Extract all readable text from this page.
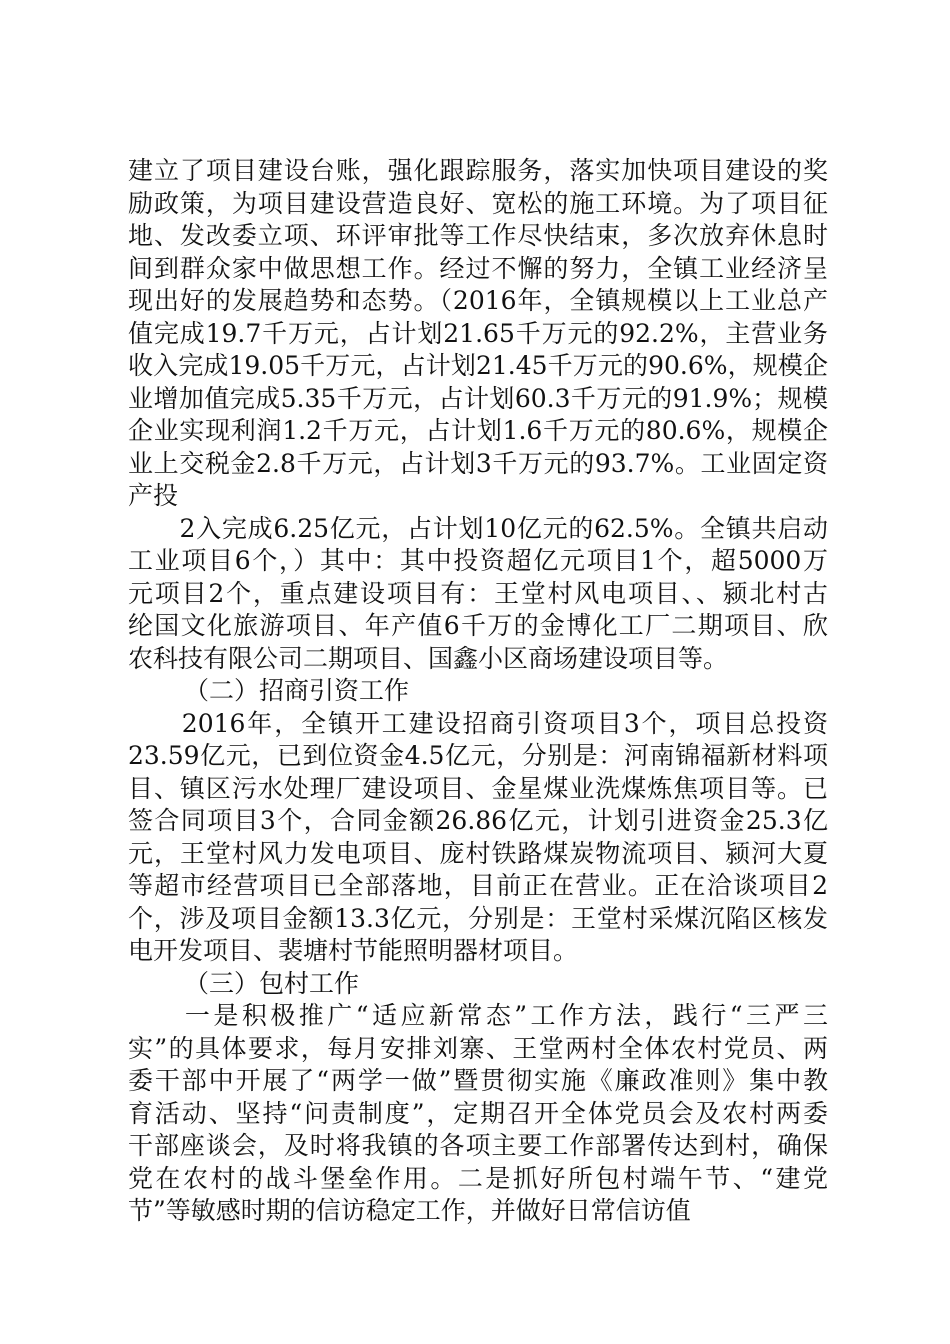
建立了项目建设台账，强化跟踪服务，落实加快项目建设的奖
励政策，为项目建设营造良好、宽松的施工环境。为了项目征
地、发改委立项、环评审批等工作尽快结束，多次放弃休息时
间到群众家中做思想工作。经过不懈的努力，全镇工业经济呈
现出好的发展趋势和态势。（2016年，全镇规模以上工业总产
值完成19.7千万元，占计划21.65千万元的92.2%，主营业务
收入完成19.05千万元，占计划21.45千万元的90.6%，规模企
业增加值完成5.35千万元，占计划60.3千万元的91.9%；规模
企业实现利润1.2千万元，占计划1.6千万元的80.6%，规模企
业上交税金2.8千万元，占计划3千万元的93.7%。工业固定资
产投
　　2入完成6.25亿元，占计划10亿元的62.5%。全镇共启动
工业项目6个，）其中：其中投资超亿元项目1个，超5000万
元项目2个，重点建设项目有：王堂村风电项目、、颍北村古
纶国文化旅游项目、年产值6千万的金博化工厂二期项目、欣
农科技有限公司二期项目、国鑫小区商场建设项目等。
（二）招商引资工作
　　2016年，全镇开工建设招商引资项目3个，项目总投资
23.59亿元，已到位资金4.5亿元，分别是：河南锦福新材料项
目、镇区污水处理厂建设项目、金星煤业洗煤炼焦项目等。已
签合同项目3个，合同金额26.86亿元，计划引进资金25.3亿
元，王堂村风力发电项目、庞村铁路煤炭物流项目、颍河大夏
等超市经营项目已全部落地，目前正在营业。正在洽谈项目2
个，涉及项目金额13.3亿元，分别是：王堂村采煤沉陷区核发
电开发项目、裴塘村节能照明器材项目。
（三）包村工作
　　一是积极推广“适应新常态”工作方法，践行“三严三
实”的具体要求，每月安排刘寨、王堂两村全体农村党员、两
委干部中开展了“两学一做”暨贯彻实施《廉政准则》集中教
育活动、坚持“问责制度”，定期召开全体党员会及农村两委
干部座谈会，及时将我镇的各项主要工作部署传达到村，确保
党在农村的战斗堡垒作用。二是抓好所包村端午节、“建党
节”等敏感时期的信访稳定工作，并做好日常信访值
